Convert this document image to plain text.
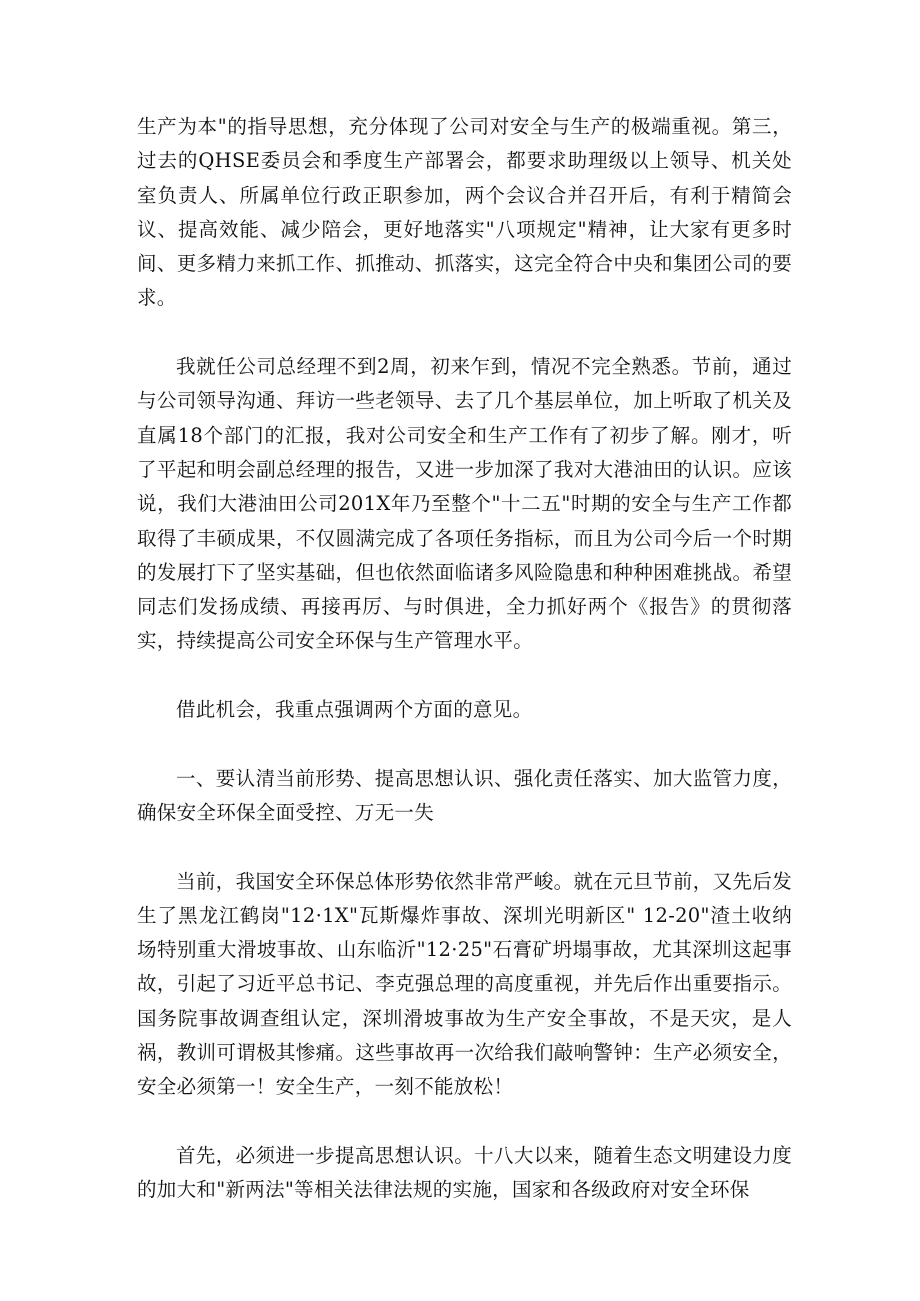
生产为本"的指导思想，充分体现了公司对安全与生产的极端重视。第三，过去的QHSE委员会和季度生产部署会，都要求助理级以上领导、机关处室负责人、所属单位行政正职参加，两个会议合并召开后，有利于精简会议、提高效能、减少陪会，更好地落实"八项规定"精神，让大家有更多时间、更多精力来抓工作、抓推动、抓落实，这完全符合中央和集团公司的要求。

我就任公司总经理不到2周，初来乍到，情况不完全熟悉。节前，通过与公司领导沟通、拜访一些老领导、去了几个基层单位，加上听取了机关及直属18个部门的汇报，我对公司安全和生产工作有了初步了解。刚才，听了平起和明会副总经理的报告，又进一步加深了我对大港油田的认识。应该说，我们大港油田公司201X年乃至整个"十二五"时期的安全与生产工作都取得了丰硕成果，不仅圆满完成了各项任务指标，而且为公司今后一个时期的发展打下了坚实基础，但也依然面临诸多风险隐患和种种困难挑战。希望同志们发扬成绩、再接再厉、与时俱进，全力抓好两个《报告》的贯彻落实，持续提高公司安全环保与生产管理水平。

借此机会，我重点强调两个方面的意见。

一、要认清当前形势、提高思想认识、强化责任落实、加大监管力度，确保安全环保全面受控、万无一失

当前，我国安全环保总体形势依然非常严峻。就在元旦节前，又先后发生了黑龙江鹤岗"12·1X"瓦斯爆炸事故、深圳光明新区" 12-20"渣土收纳场特别重大滑坡事故、山东临沂"12·25"石膏矿坍塌事故，尤其深圳这起事故，引起了习近平总书记、李克强总理的高度重视，并先后作出重要指示。国务院事故调查组认定，深圳滑坡事故为生产安全事故，不是天灾，是人祸，教训可谓极其惨痛。这些事故再一次给我们敲响警钟：生产必须安全，安全必须第一！安全生产，一刻不能放松！

首先，必须进一步提高思想认识。十八大以来，随着生态文明建设力度的加大和"新两法"等相关法律法规的实施，国家和各级政府对安全环保
